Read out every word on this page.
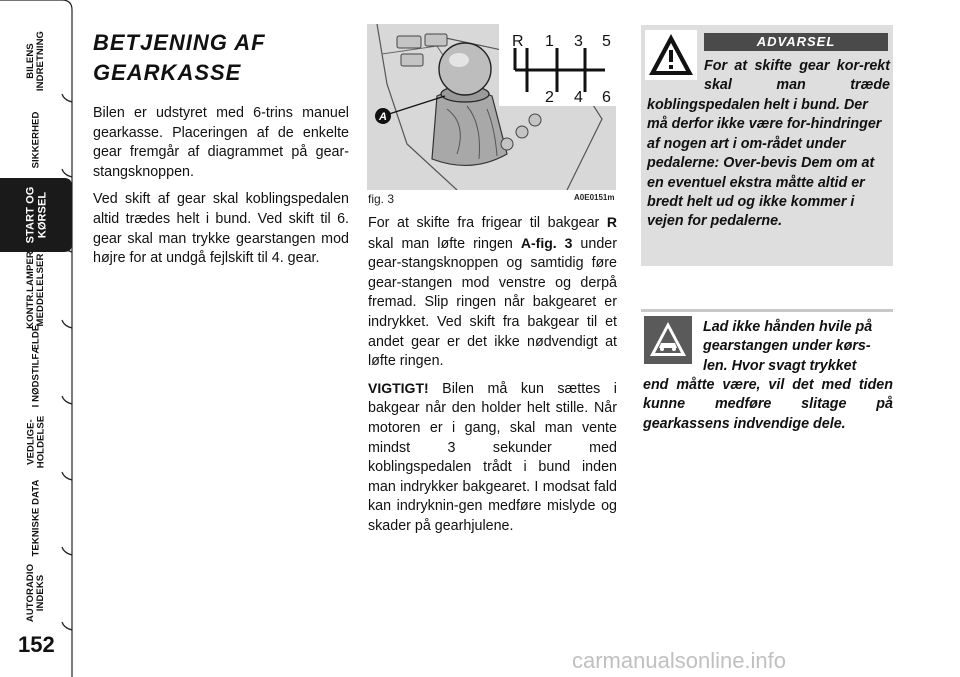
BILENS
INDRETNING
SIKKERHED
START OG
KØRSEL
KONTR.LAMPER
MEDDELELSER
I NØDSTILFÆLDE
VEDLIGE-
HOLDELSE
TEKNISKE DATA
AUTORADIO
INDEKS
152
BETJENING AF
GEARKASSE

Bilen er udstyret med 6-trins manuel gearkasse. Placeringen af de enkelte gear fremgår af diagrammet på gear-stangsknoppen.

Ved skift af gear skal koblingspedalen altid trædes helt i bund. Ved skift til 6. gear skal man trykke gearstangen mod højre for at undgå fejlskift til 4. gear.

A
R 1 3 5
2 4 6
fig. 3	A0E0151m

For at skifte fra frigear til bakgear R skal man løfte ringen A-fig. 3 under gear-stangsknoppen og samtidig føre gear-stangen mod venstre og derpå fremad. Slip ringen når bakgearet er indrykket. Ved skift fra bakgear til et andet gear er det ikke nødvendigt at løfte ringen.

VIGTIGT! Bilen må kun sættes i bakgear når den holder helt stille. Når motoren er i gang, skal man vente mindst 3 sekunder med koblingspedalen trådt i bund inden man indrykker bakgearet. I modsat fald kan indryknin-gen medføre mislyde og skader på gearhjulene.

ADVARSEL
For at skifte gear kor-rekt skal man træde
koblingspedalen helt i bund. Der må derfor ikke være for-hindringer af nogen art i om-rådet under pedalerne: Over-bevis Dem om at en eventuel ekstra måtte altid er bredt helt ud og ikke kommer i vejen for pedalerne.
Lad ikke hånden hvile på gearstangen under kørs-len. Hvor svagt trykket
end måtte være, vil det med tiden kunne medføre slitage på gearkassens indvendige dele.
carmanualsonline.info
